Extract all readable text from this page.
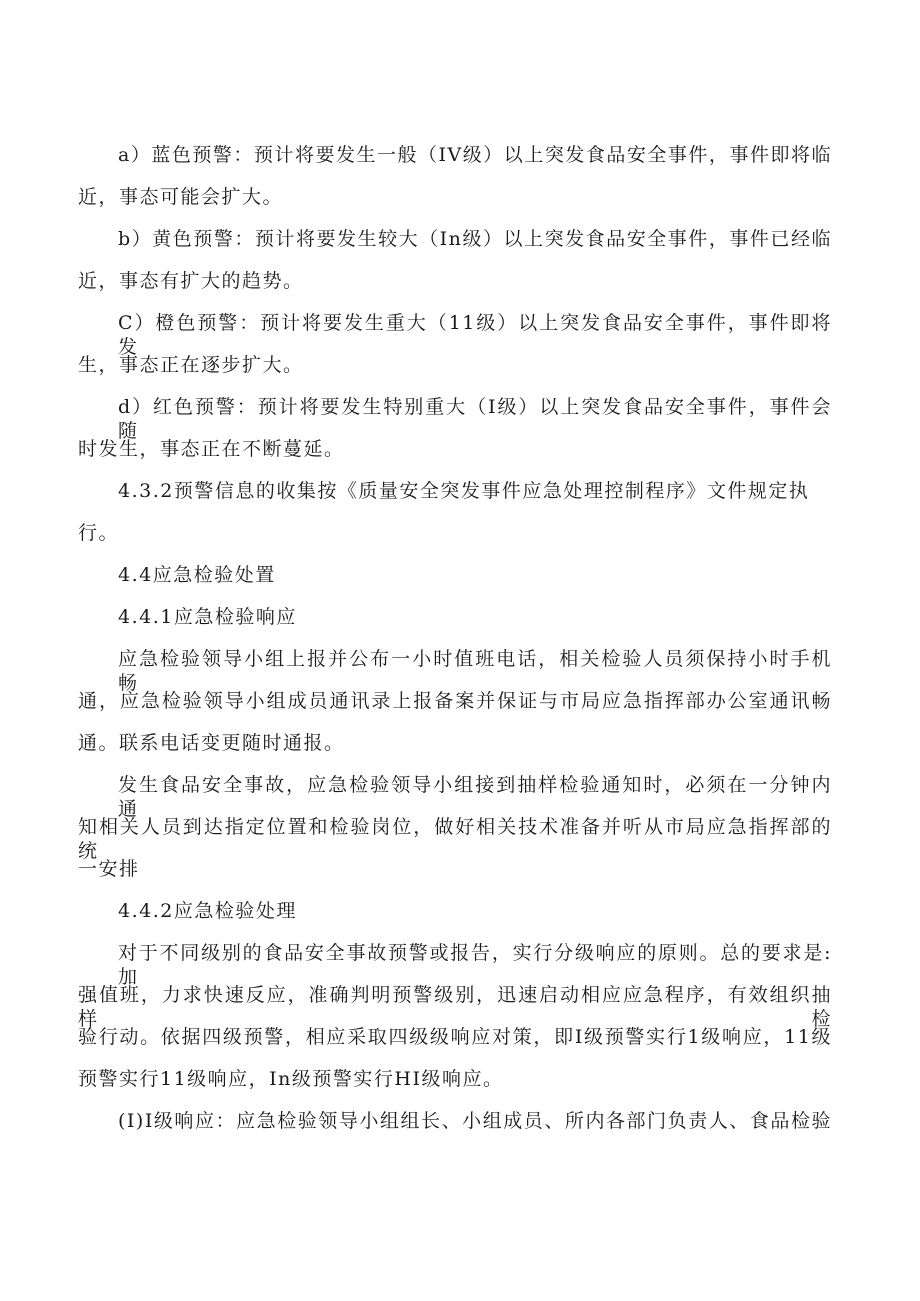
a）蓝色预警：预计将要发生一般（IV级）以上突发食品安全事件，事件即将临
近，事态可能会扩大。
b）黄色预警：预计将要发生较大（In级）以上突发食品安全事件，事件已经临
近，事态有扩大的趋势。
C）橙色预警：预计将要发生重大（11级）以上突发食品安全事件，事件即将发
生，事态正在逐步扩大。
d）红色预警：预计将要发生特别重大（I级）以上突发食品安全事件，事件会随
时发生，事态正在不断蔓延。
4.3.2预警信息的收集按《质量安全突发事件应急处理控制程序》文件规定执
行。
4.4应急检验处置
4.4.1应急检验响应
应急检验领导小组上报并公布一小时值班电话，相关检验人员须保持小时手机畅
通，应急检验领导小组成员通讯录上报备案并保证与市局应急指挥部办公室通讯畅
通。联系电话变更随时通报。
发生食品安全事故，应急检验领导小组接到抽样检验通知时，必须在一分钟内通
知相关人员到达指定位置和检验岗位，做好相关技术准备并听从市局应急指挥部的统
一安排
4.4.2应急检验处理
对于不同级别的食品安全事故预警或报告，实行分级响应的原则。总的要求是:加
强值班，力求快速反应，准确判明预警级别，迅速启动相应应急程序，有效组织抽样检
验行动。依据四级预警，相应采取四级级响应对策，即I级预警实行1级响应，11级
预警实行11级响应，In级预警实行HI级响应。
(I)I级响应：应急检验领导小组组长、小组成员、所内各部门负责人、食品检验
